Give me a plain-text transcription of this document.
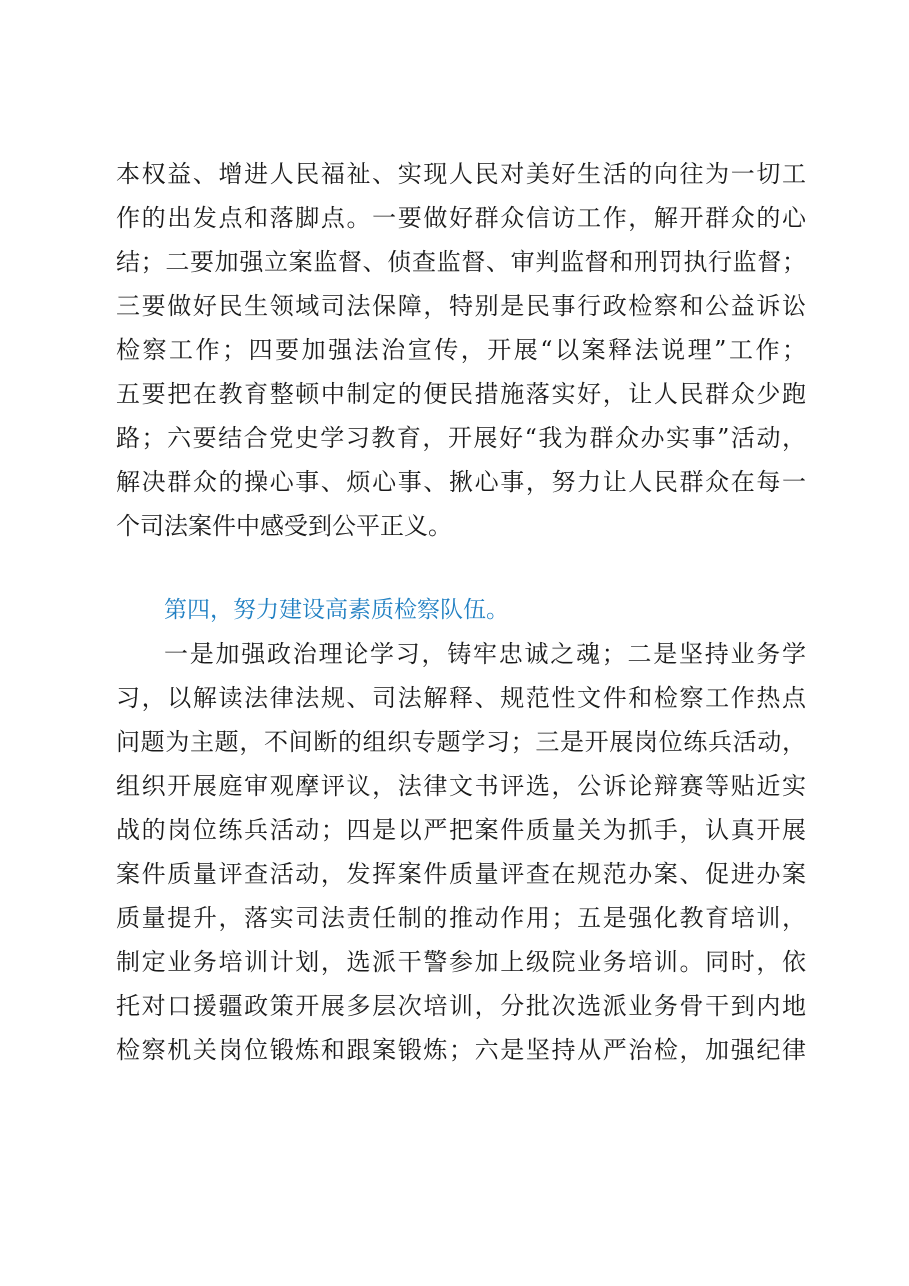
本权益、增进人民福祉、实现人民对美好生活的向往为一切工
作的出发点和落脚点。一要做好群众信访工作，解开群众的心
结；二要加强立案监督、侦查监督、审判监督和刑罚执行监督；
三要做好民生领域司法保障，特别是民事行政检察和公益诉讼
检察工作；四要加强法治宣传，开展“以案释法说理”工作；
五要把在教育整顿中制定的便民措施落实好，让人民群众少跑
路；六要结合党史学习教育，开展好“我为群众办实事”活动，
解决群众的操心事、烦心事、揪心事，努力让人民群众在每一
个司法案件中感受到公平正义。
第四，努力建设高素质检察队伍。
一是加强政治理论学习，铸牢忠诚之魂；二是坚持业务学
习，以解读法律法规、司法解释、规范性文件和检察工作热点
问题为主题，不间断的组织专题学习；三是开展岗位练兵活动，
组织开展庭审观摩评议，法律文书评选，公诉论辩赛等贴近实
战的岗位练兵活动；四是以严把案件质量关为抓手，认真开展
案件质量评查活动，发挥案件质量评查在规范办案、促进办案
质量提升，落实司法责任制的推动作用；五是强化教育培训，
制定业务培训计划，选派干警参加上级院业务培训。同时，依
托对口援疆政策开展多层次培训，分批次选派业务骨干到内地
检察机关岗位锻炼和跟案锻炼；六是坚持从严治检，加强纪律
